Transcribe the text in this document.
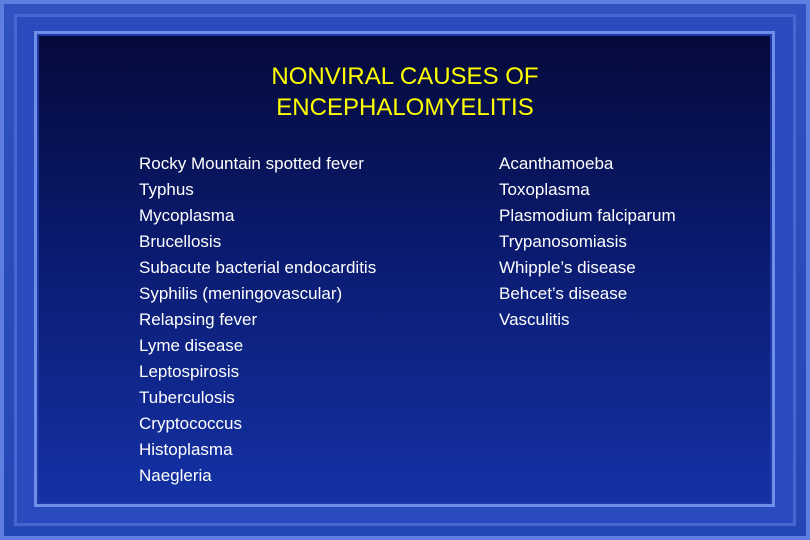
NONVIRAL CAUSES OF
ENCEPHALOMYELITIS
Rocky Mountain spotted fever
Typhus
Mycoplasma
Brucellosis
Subacute bacterial endocarditis
Syphilis (meningovascular)
Relapsing fever
Lyme disease
Leptospirosis
Tuberculosis
Cryptococcus
Histoplasma
Naegleria
Acanthamoeba
Toxoplasma
Plasmodium falciparum
Trypanosomiasis
Whipple’s disease
Behcet’s disease
Vasculitis
